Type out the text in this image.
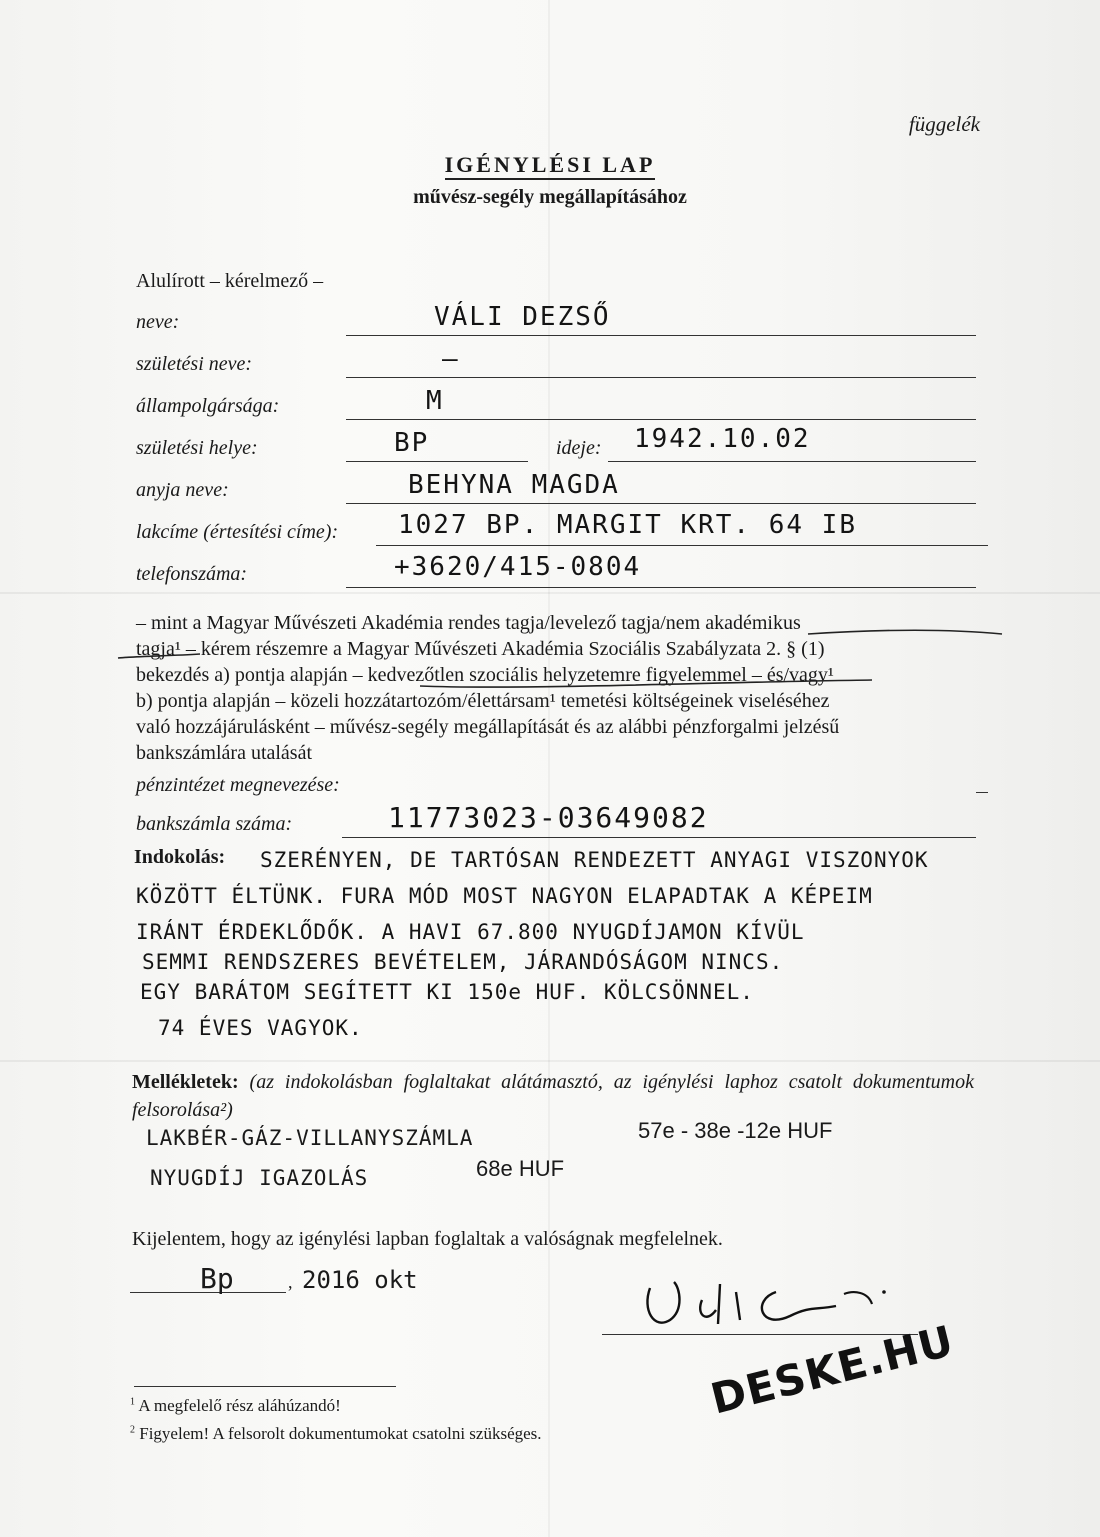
függelék
IGÉNYLÉSI LAP
művész-segély megállapításához
Alulírott – kérelmező –
neve:	VÁLI DEZSŐ
születési neve:	–
állampolgársága:	M
születési helye:	BP	ideje: 1942.10.02
anyja neve:	BEHYNA MAGDA
lakcíme (értesítési címe): 1027 BP. MARGIT KRT. 64 IB
telefonszáma:	+3620/415-0804
– mint a Magyar Művészeti Akadémia rendes tagja/levelező tagja/nem akadémikus
tagja¹ – kérem részemre a Magyar Művészeti Akadémia Szociális Szabályzata 2. § (1)
bekezdés a) pontja alapján – kedvezőtlen szociális helyzetemre figyelemmel – és/vagy¹
b) pontja alapján – közeli hozzátartozóm/élettársam¹ temetési költségeinek viseléséhez
való hozzájárulásként – művész-segély megállapítását és az alábbi pénzforgalmi jelzésű
bankszámlára utalását
pénzintézet megnevezése:
bankszámla száma:	11773023-03649082
Indokolás:	SZERÉNYEN, DE TARTÓSAN RENDEZETT ANYAGI VISZONYOK
KÖZÖTT ÉLTÜNK. FURA MÓD MOST NAGYON ELAPADTAK A KÉPEIM
IRÁNT ÉRDEKLŐDŐK. A HAVI 67.800 NYUGDÍJAMON KÍVÜL
SEMMI RENDSZERES BEVÉTELEM, JÁRANDÓSÁGOM NINCS.
EGY BARÁTOM SEGÍTETT KI 150e HUF. KÖLCSÖNNEL.
74 ÉVES VAGYOK.
Mellékletek: (az indokolásban foglaltakat alátámasztó, az igénylési laphoz csatolt dokumentumok felsorolása²)
LAKBÉR-GÁZ-VILLANYSZÁMLA	57e - 38e -12e HUF
NYUGDÍJ IGAZOLÁS	68e HUF
Kijelentem, hogy az igénylési lapban foglaltak a valóságnak megfelelnek.
Bp	, 2016 okt
$^1$ A megfelelő rész aláhúzandó!
$^2$ Figyelem! A felsorolt dokumentumokat csatolni szükséges.
DESKE.HU
